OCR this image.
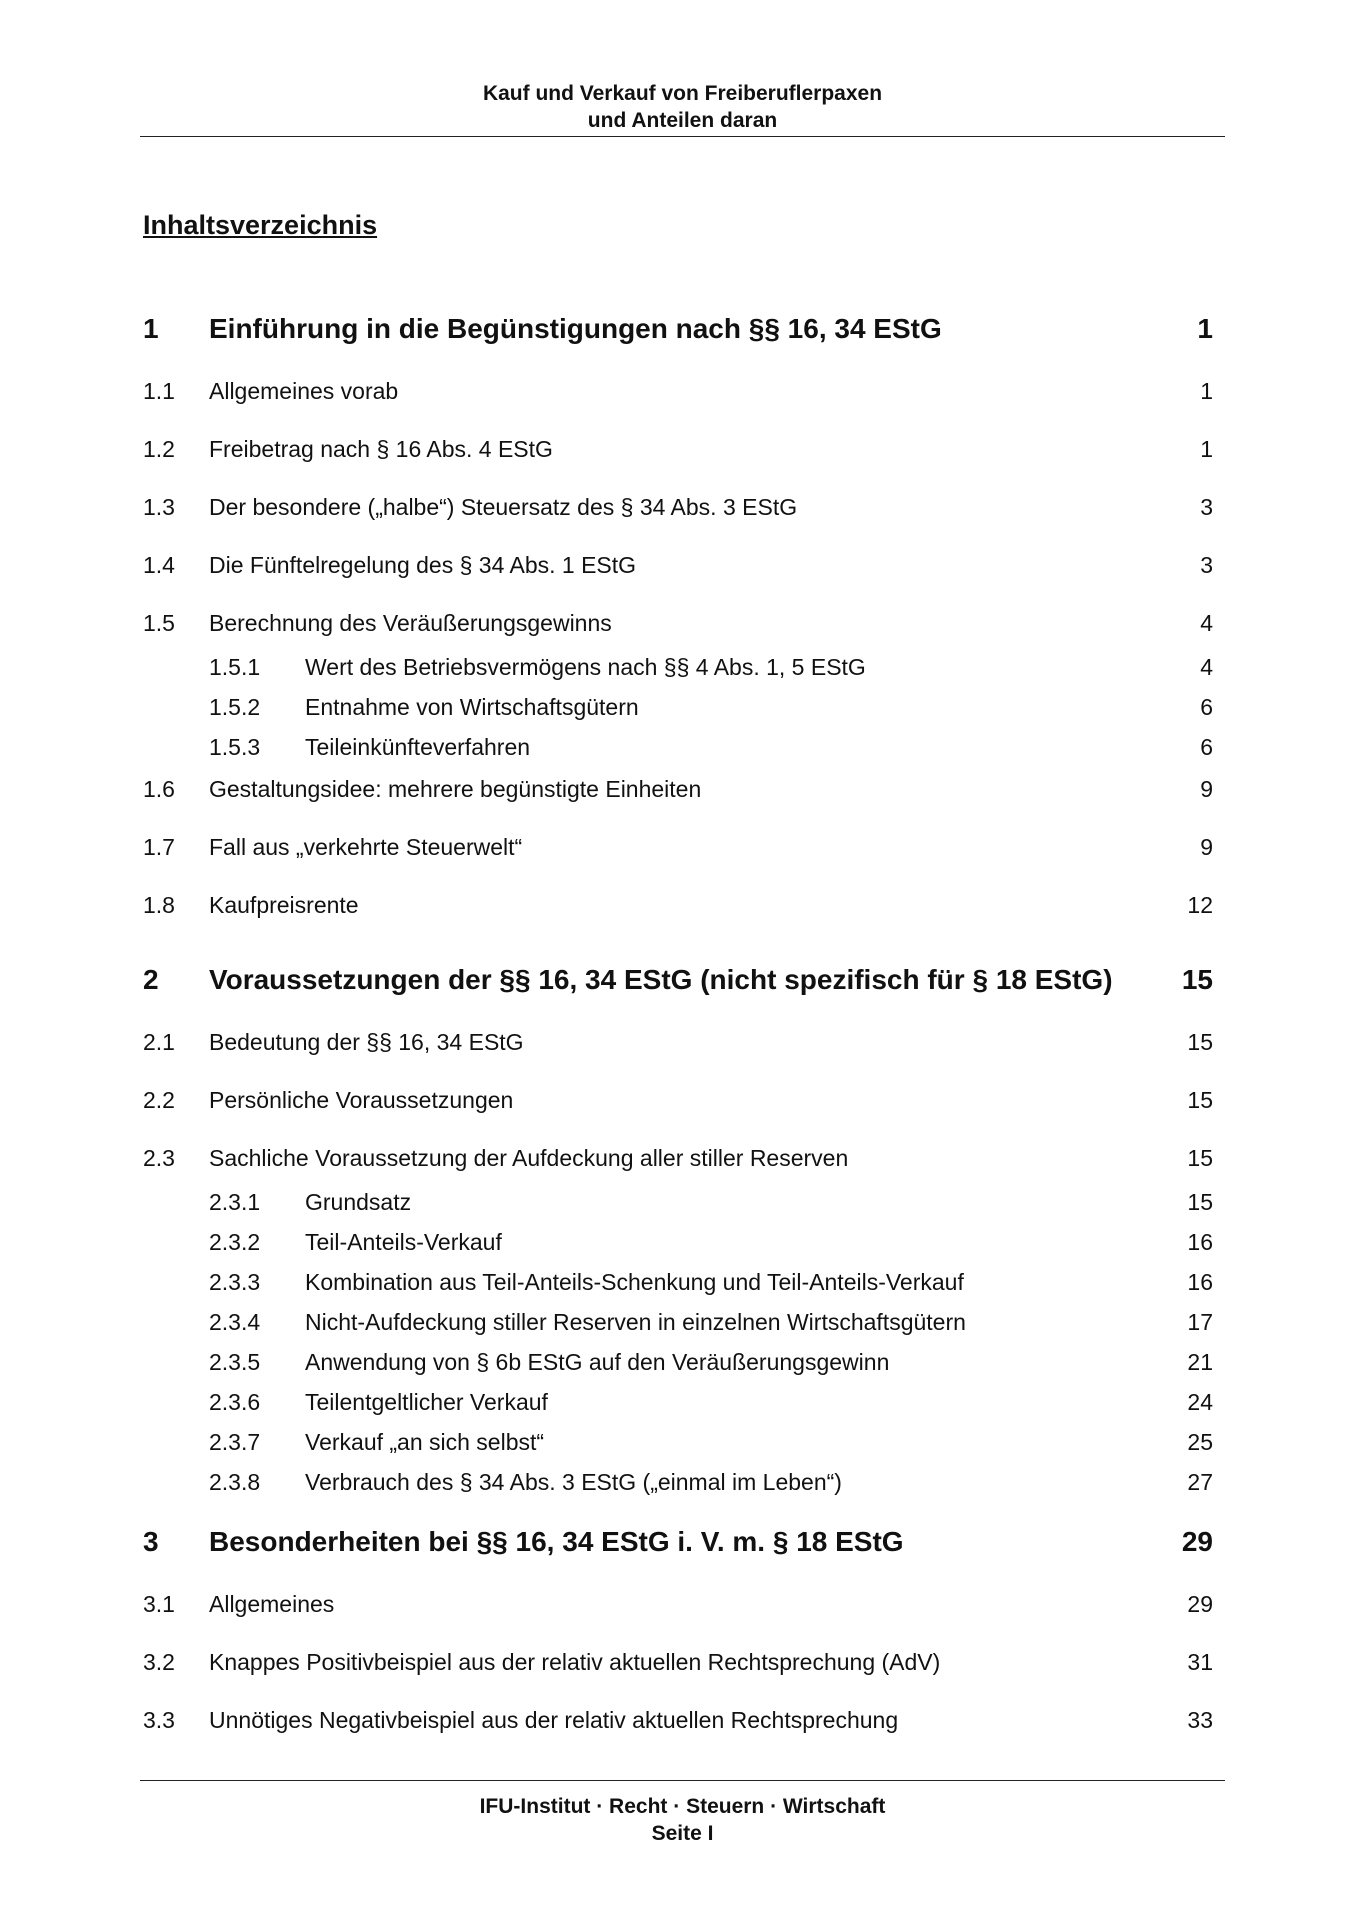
Kauf und Verkauf von Freiberuflerpaxen
und Anteilen daran
Inhaltsverzeichnis
1	Einführung in die Begünstigungen nach §§ 16, 34 EStG	1
1.1	Allgemeines vorab	1
1.2	Freibetrag nach § 16 Abs. 4 EStG	1
1.3	Der besondere („halbe“) Steuersatz des § 34 Abs. 3 EStG	3
1.4	Die Fünftelregelung des § 34 Abs. 1 EStG	3
1.5	Berechnung des Veräußerungsgewinns	4
1.5.1	Wert des Betriebsvermögens nach §§ 4 Abs. 1, 5 EStG	4
1.5.2	Entnahme von Wirtschaftsgütern	6
1.5.3	Teileinkünfteverfahren	6
1.6	Gestaltungsidee: mehrere begünstigte Einheiten	9
1.7	Fall aus „verkehrte Steuerwelt“	9
1.8	Kaufpreisrente	12
2	Voraussetzungen der §§ 16, 34 EStG (nicht spezifisch für § 18 EStG)	15
2.1	Bedeutung der §§ 16, 34 EStG	15
2.2	Persönliche Voraussetzungen	15
2.3	Sachliche Voraussetzung der Aufdeckung aller stiller Reserven	15
2.3.1	Grundsatz	15
2.3.2	Teil-Anteils-Verkauf	16
2.3.3	Kombination aus Teil-Anteils-Schenkung und Teil-Anteils-Verkauf	16
2.3.4	Nicht-Aufdeckung stiller Reserven in einzelnen Wirtschaftsgütern	17
2.3.5	Anwendung von § 6b EStG auf den Veräußerungsgewinn	21
2.3.6	Teilentgeltlicher Verkauf	24
2.3.7	Verkauf „an sich selbst“	25
2.3.8	Verbrauch des § 34 Abs. 3 EStG („einmal im Leben“)	27
3	Besonderheiten bei §§ 16, 34 EStG i. V. m. § 18 EStG	29
3.1	Allgemeines	29
3.2	Knappes Positivbeispiel aus der relativ aktuellen Rechtsprechung (AdV)	31
3.3	Unnötiges Negativbeispiel aus der relativ aktuellen Rechtsprechung	33
IFU-Institut · Recht · Steuern · Wirtschaft
Seite I
